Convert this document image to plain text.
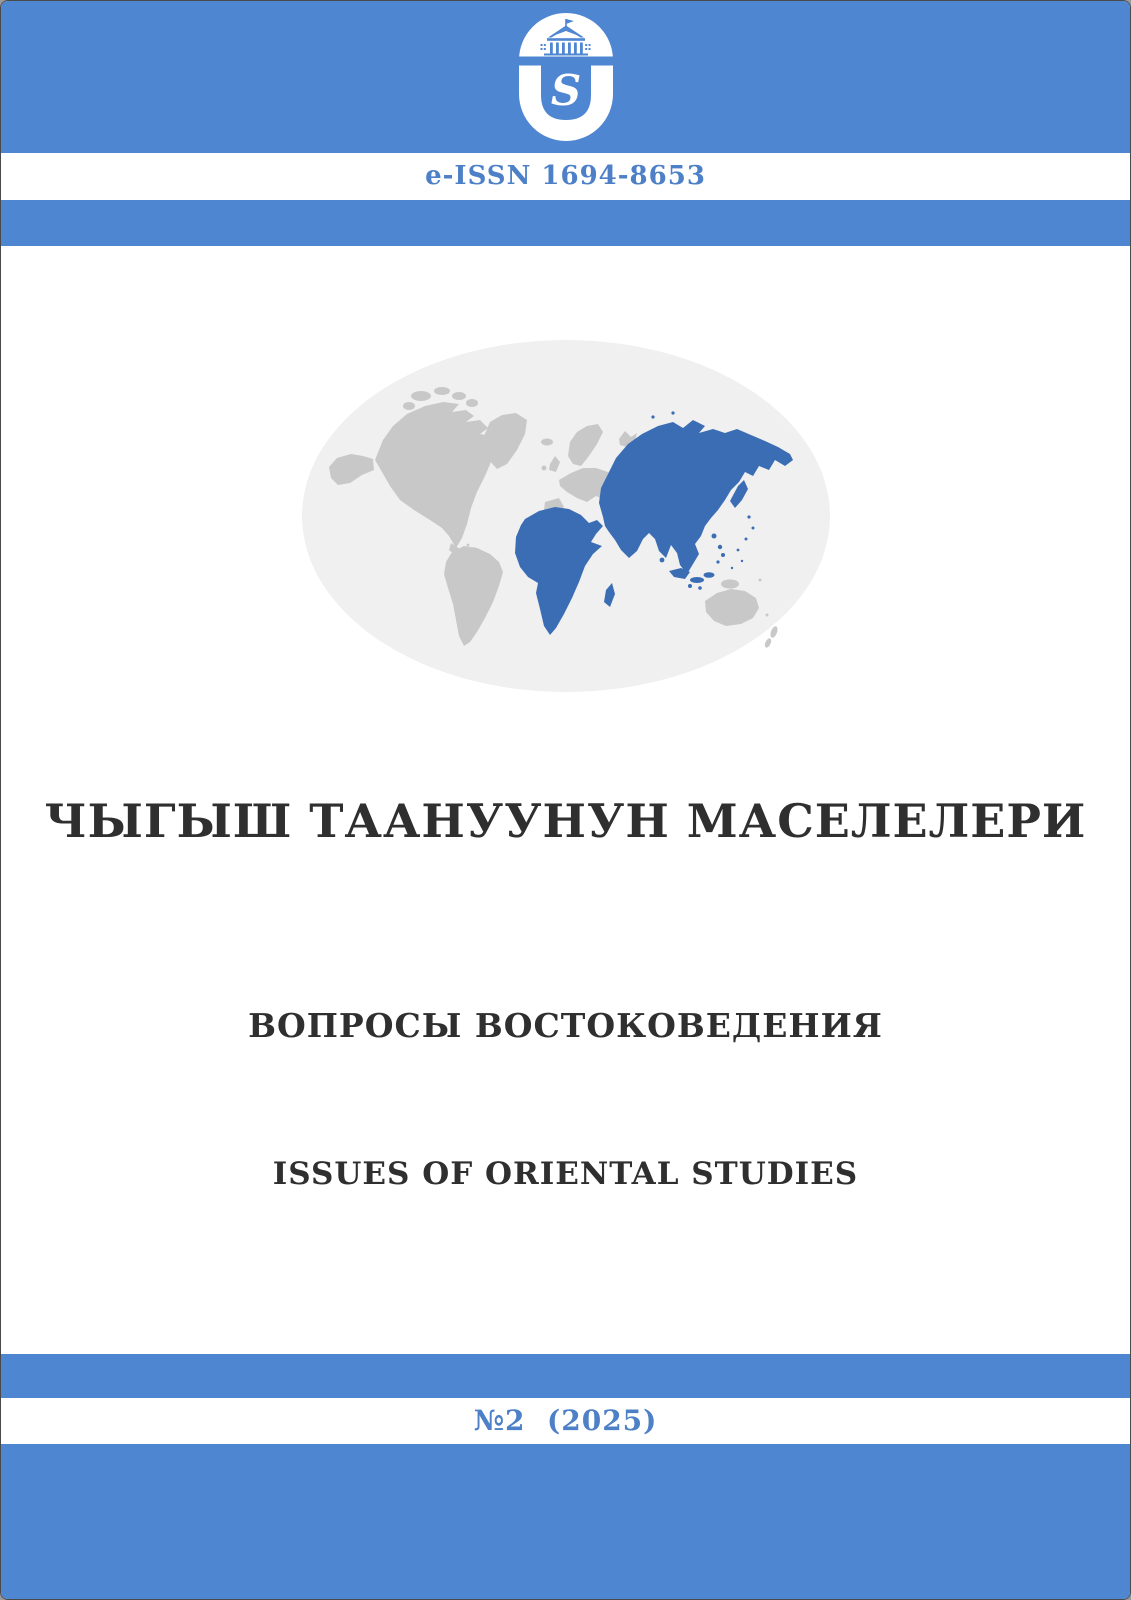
S
e-ISSN 1694-8653
ЧЫГЫШ ТААНУУНУН МАСЕЛЕЛЕРИ
ВОПРОСЫ ВОСТОКОВЕДЕНИЯ
ISSUES OF ORIENTAL STUDIES
№2  (2025)
